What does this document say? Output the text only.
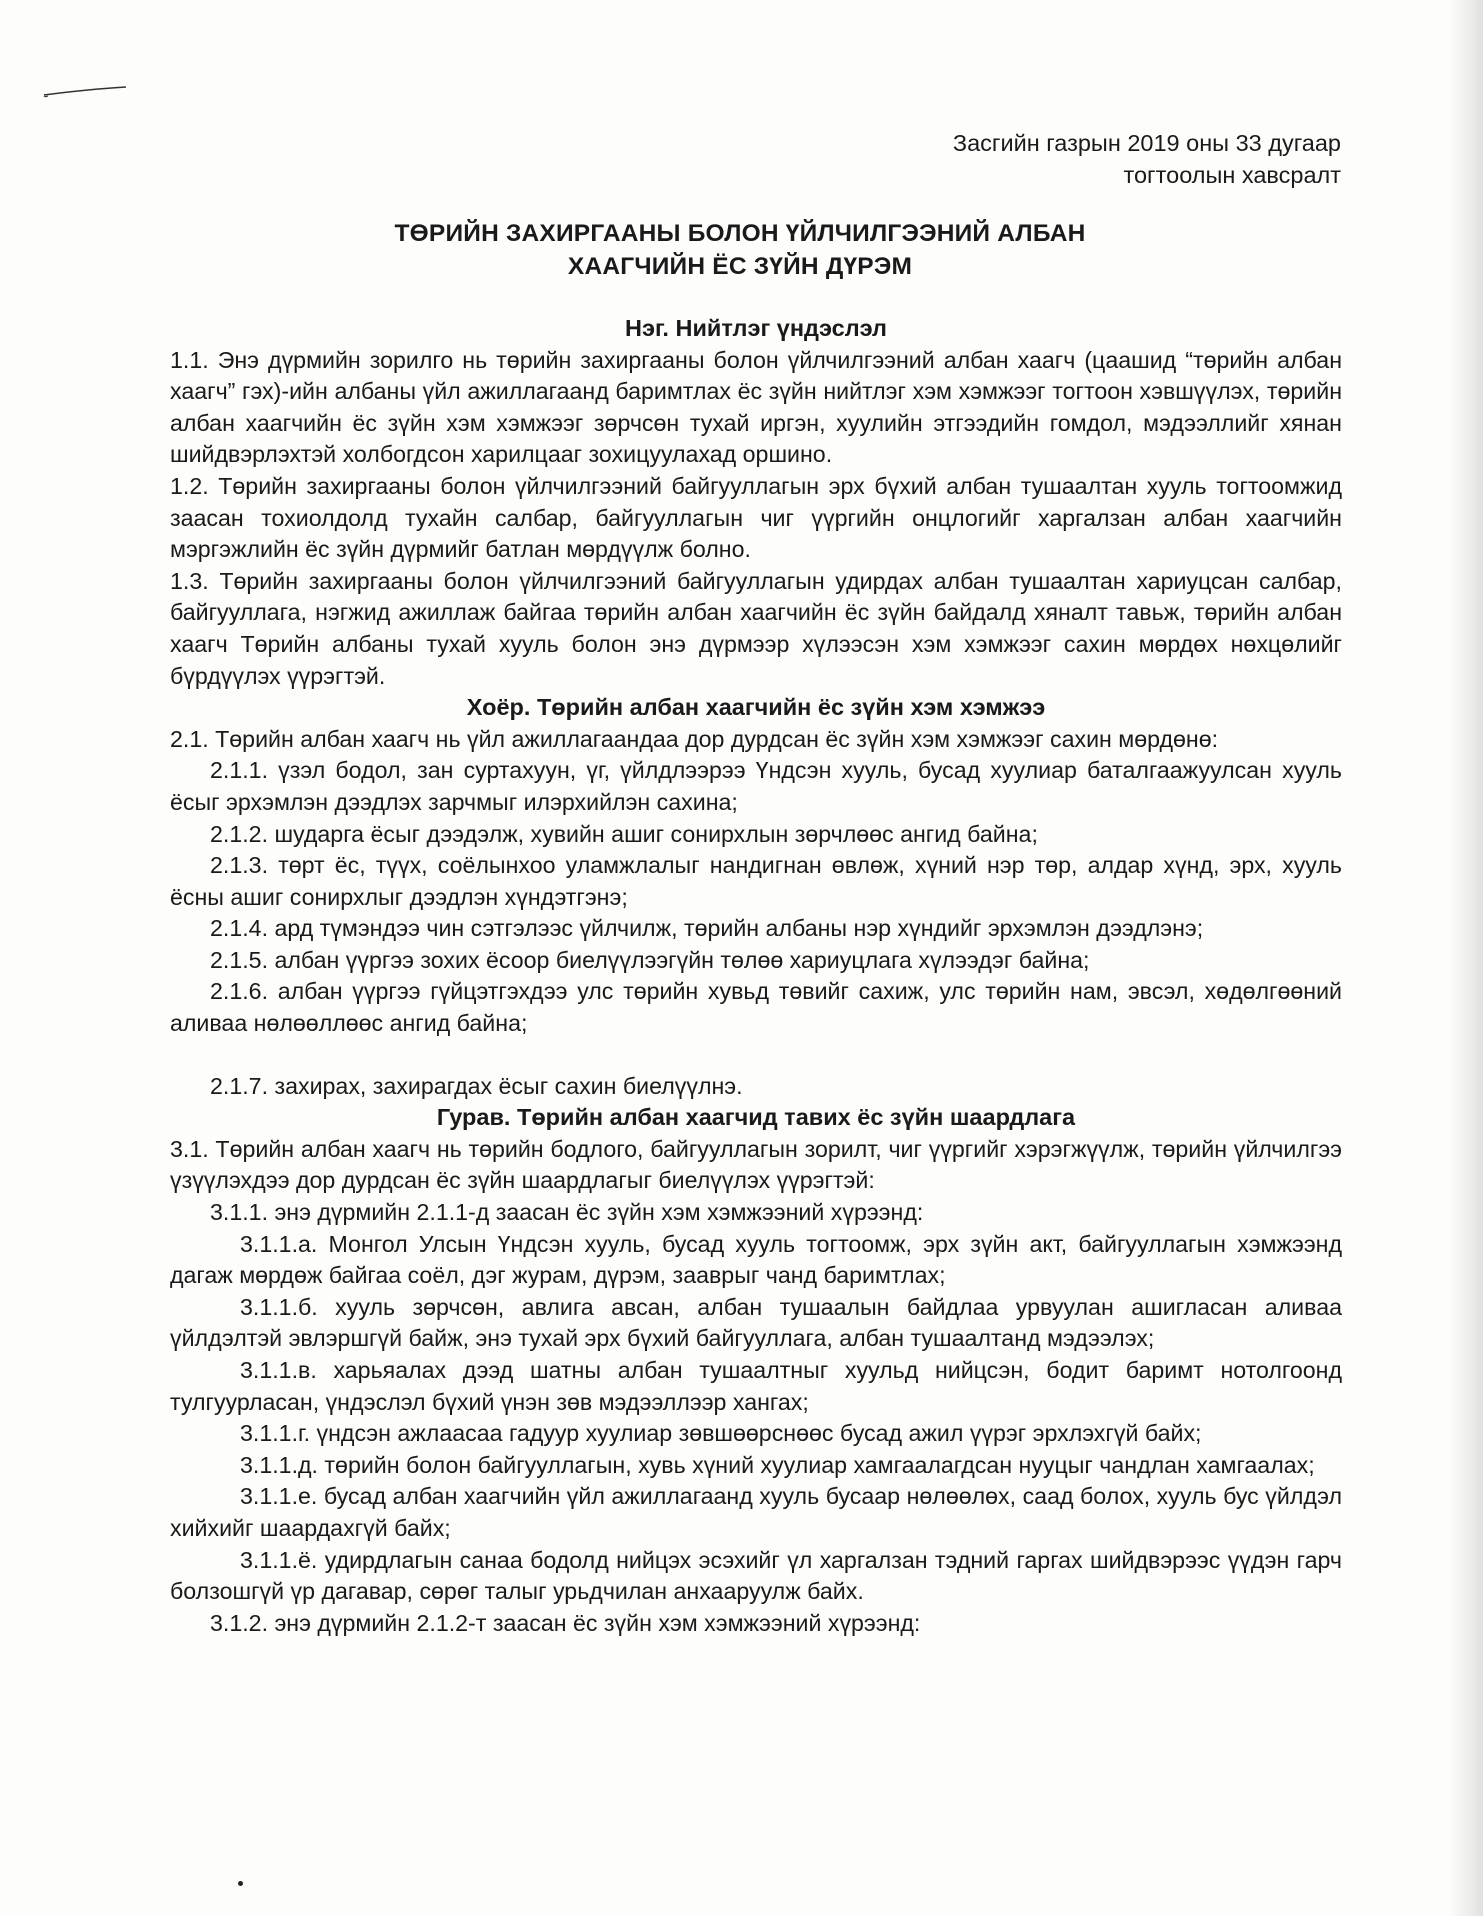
Засгийн газрын 2019 оны 33 дугаар
тогтоолын хавсралт
ТӨРИЙН ЗАХИРГААНЫ БОЛОН ҮЙЛЧИЛГЭЭНИЙ АЛБАН
ХААГЧИЙН ЁС ЗҮЙН ДҮРЭМ
Нэг. Нийтлэг үндэслэл

1.1. Энэ дүрмийн зорилго нь төрийн захиргааны болон үйлчилгээний албан хаагч (цаашид “төрийн албан хаагч” гэх)-ийн албаны үйл ажиллагаанд баримтлах ёс зүйн нийтлэг хэм хэмжээг тогтоон хэвшүүлэх, төрийн албан хаагчийн ёс зүйн хэм хэмжээг зөрчсөн тухай иргэн, хуулийн этгээдийн гомдол, мэдээллийг хянан шийдвэрлэхтэй холбогдсон харилцааг зохицуулахад оршино.

1.2. Төрийн захиргааны болон үйлчилгээний байгууллагын эрх бүхий албан тушаалтан хууль тогтоомжид заасан тохиолдолд тухайн салбар, байгууллагын чиг үүргийн онцлогийг харгалзан албан хаагчийн мэргэжлийн ёс зүйн дүрмийг батлан мөрдүүлж болно.

1.3. Төрийн захиргааны болон үйлчилгээний байгууллагын удирдах албан тушаалтан хариуцсан салбар, байгууллага, нэгжид ажиллаж байгаа төрийн албан хаагчийн ёс зүйн байдалд хяналт тавьж, төрийн албан хаагч Төрийн албаны тухай хууль болон энэ дүрмээр хүлээсэн хэм хэмжээг сахин мөрдөх нөхцөлийг бүрдүүлэх үүрэгтэй.

Хоёр. Төрийн албан хаагчийн ёс зүйн хэм хэмжээ

2.1. Төрийн албан хаагч нь үйл ажиллагаандаа дор дурдсан ёс зүйн хэм хэмжээг сахин мөрдөнө:

2.1.1. үзэл бодол, зан суртахуун, үг, үйлдлээрээ Үндсэн хууль, бусад хуулиар баталгаажуулсан хууль ёсыг эрхэмлэн дээдлэх зарчмыг илэрхийлэн сахина;

2.1.2. шударга ёсыг дээдэлж, хувийн ашиг сонирхлын зөрчлөөс ангид байна;

2.1.3. төрт ёс, түүх, соёлынхоо уламжлалыг нандигнан өвлөж, хүний нэр төр, алдар хүнд, эрх, хууль ёсны ашиг сонирхлыг дээдлэн хүндэтгэнэ;

2.1.4. ард түмэндээ чин сэтгэлээс үйлчилж, төрийн албаны нэр хүндийг эрхэмлэн дээдлэнэ;

2.1.5. албан үүргээ зохих ёсоор биелүүлээгүйн төлөө хариуцлага хүлээдэг байна;

2.1.6. албан үүргээ гүйцэтгэхдээ улс төрийн хувьд төвийг сахиж, улс төрийн нам, эвсэл, хөдөлгөөний аливаа нөлөөллөөс ангид байна;

2.1.7. захирах, захирагдах ёсыг сахин биелүүлнэ.

Гурав. Төрийн албан хаагчид тавих ёс зүйн шаардлага

3.1. Төрийн албан хаагч нь төрийн бодлого, байгууллагын зорилт, чиг үүргийг хэрэгжүүлж, төрийн үйлчилгээ үзүүлэхдээ дор дурдсан ёс зүйн шаардлагыг биелүүлэх үүрэгтэй:

3.1.1. энэ дүрмийн 2.1.1-д заасан ёс зүйн хэм хэмжээний хүрээнд:

3.1.1.а. Монгол Улсын Үндсэн хууль, бусад хууль тогтоомж, эрх зүйн акт, байгууллагын хэмжээнд дагаж мөрдөж байгаа соёл, дэг журам, дүрэм, зааврыг чанд баримтлах;

3.1.1.б. хууль зөрчсөн, авлига авсан, албан тушаалын байдлаа урвуулан ашигласан аливаа үйлдэлтэй эвлэршгүй байж, энэ тухай эрх бүхий байгууллага, албан тушаалтанд мэдээлэх;

3.1.1.в. харьяалах дээд шатны албан тушаалтныг хуульд нийцсэн, бодит баримт нотолгоонд тулгуурласан, үндэслэл бүхий үнэн зөв мэдээллээр хангах;

3.1.1.г. үндсэн ажлаасаа гадуур хуулиар зөвшөөрснөөс бусад ажил үүрэг эрхлэхгүй байх;

3.1.1.д. төрийн болон байгууллагын, хувь хүний хуулиар хамгаалагдсан нууцыг чандлан хамгаалах;

3.1.1.е. бусад албан хаагчийн үйл ажиллагаанд хууль бусаар нөлөөлөх, саад болох, хууль бус үйлдэл хийхийг шаардахгүй байх;

3.1.1.ё. удирдлагын санаа бодолд нийцэх эсэхийг үл харгалзан тэдний гаргах шийдвэрээс үүдэн гарч болзошгүй үр дагавар, сөрөг талыг урьдчилан анхааруулж байх.

3.1.2. энэ дүрмийн 2.1.2-т заасан ёс зүйн хэм хэмжээний хүрээнд:
